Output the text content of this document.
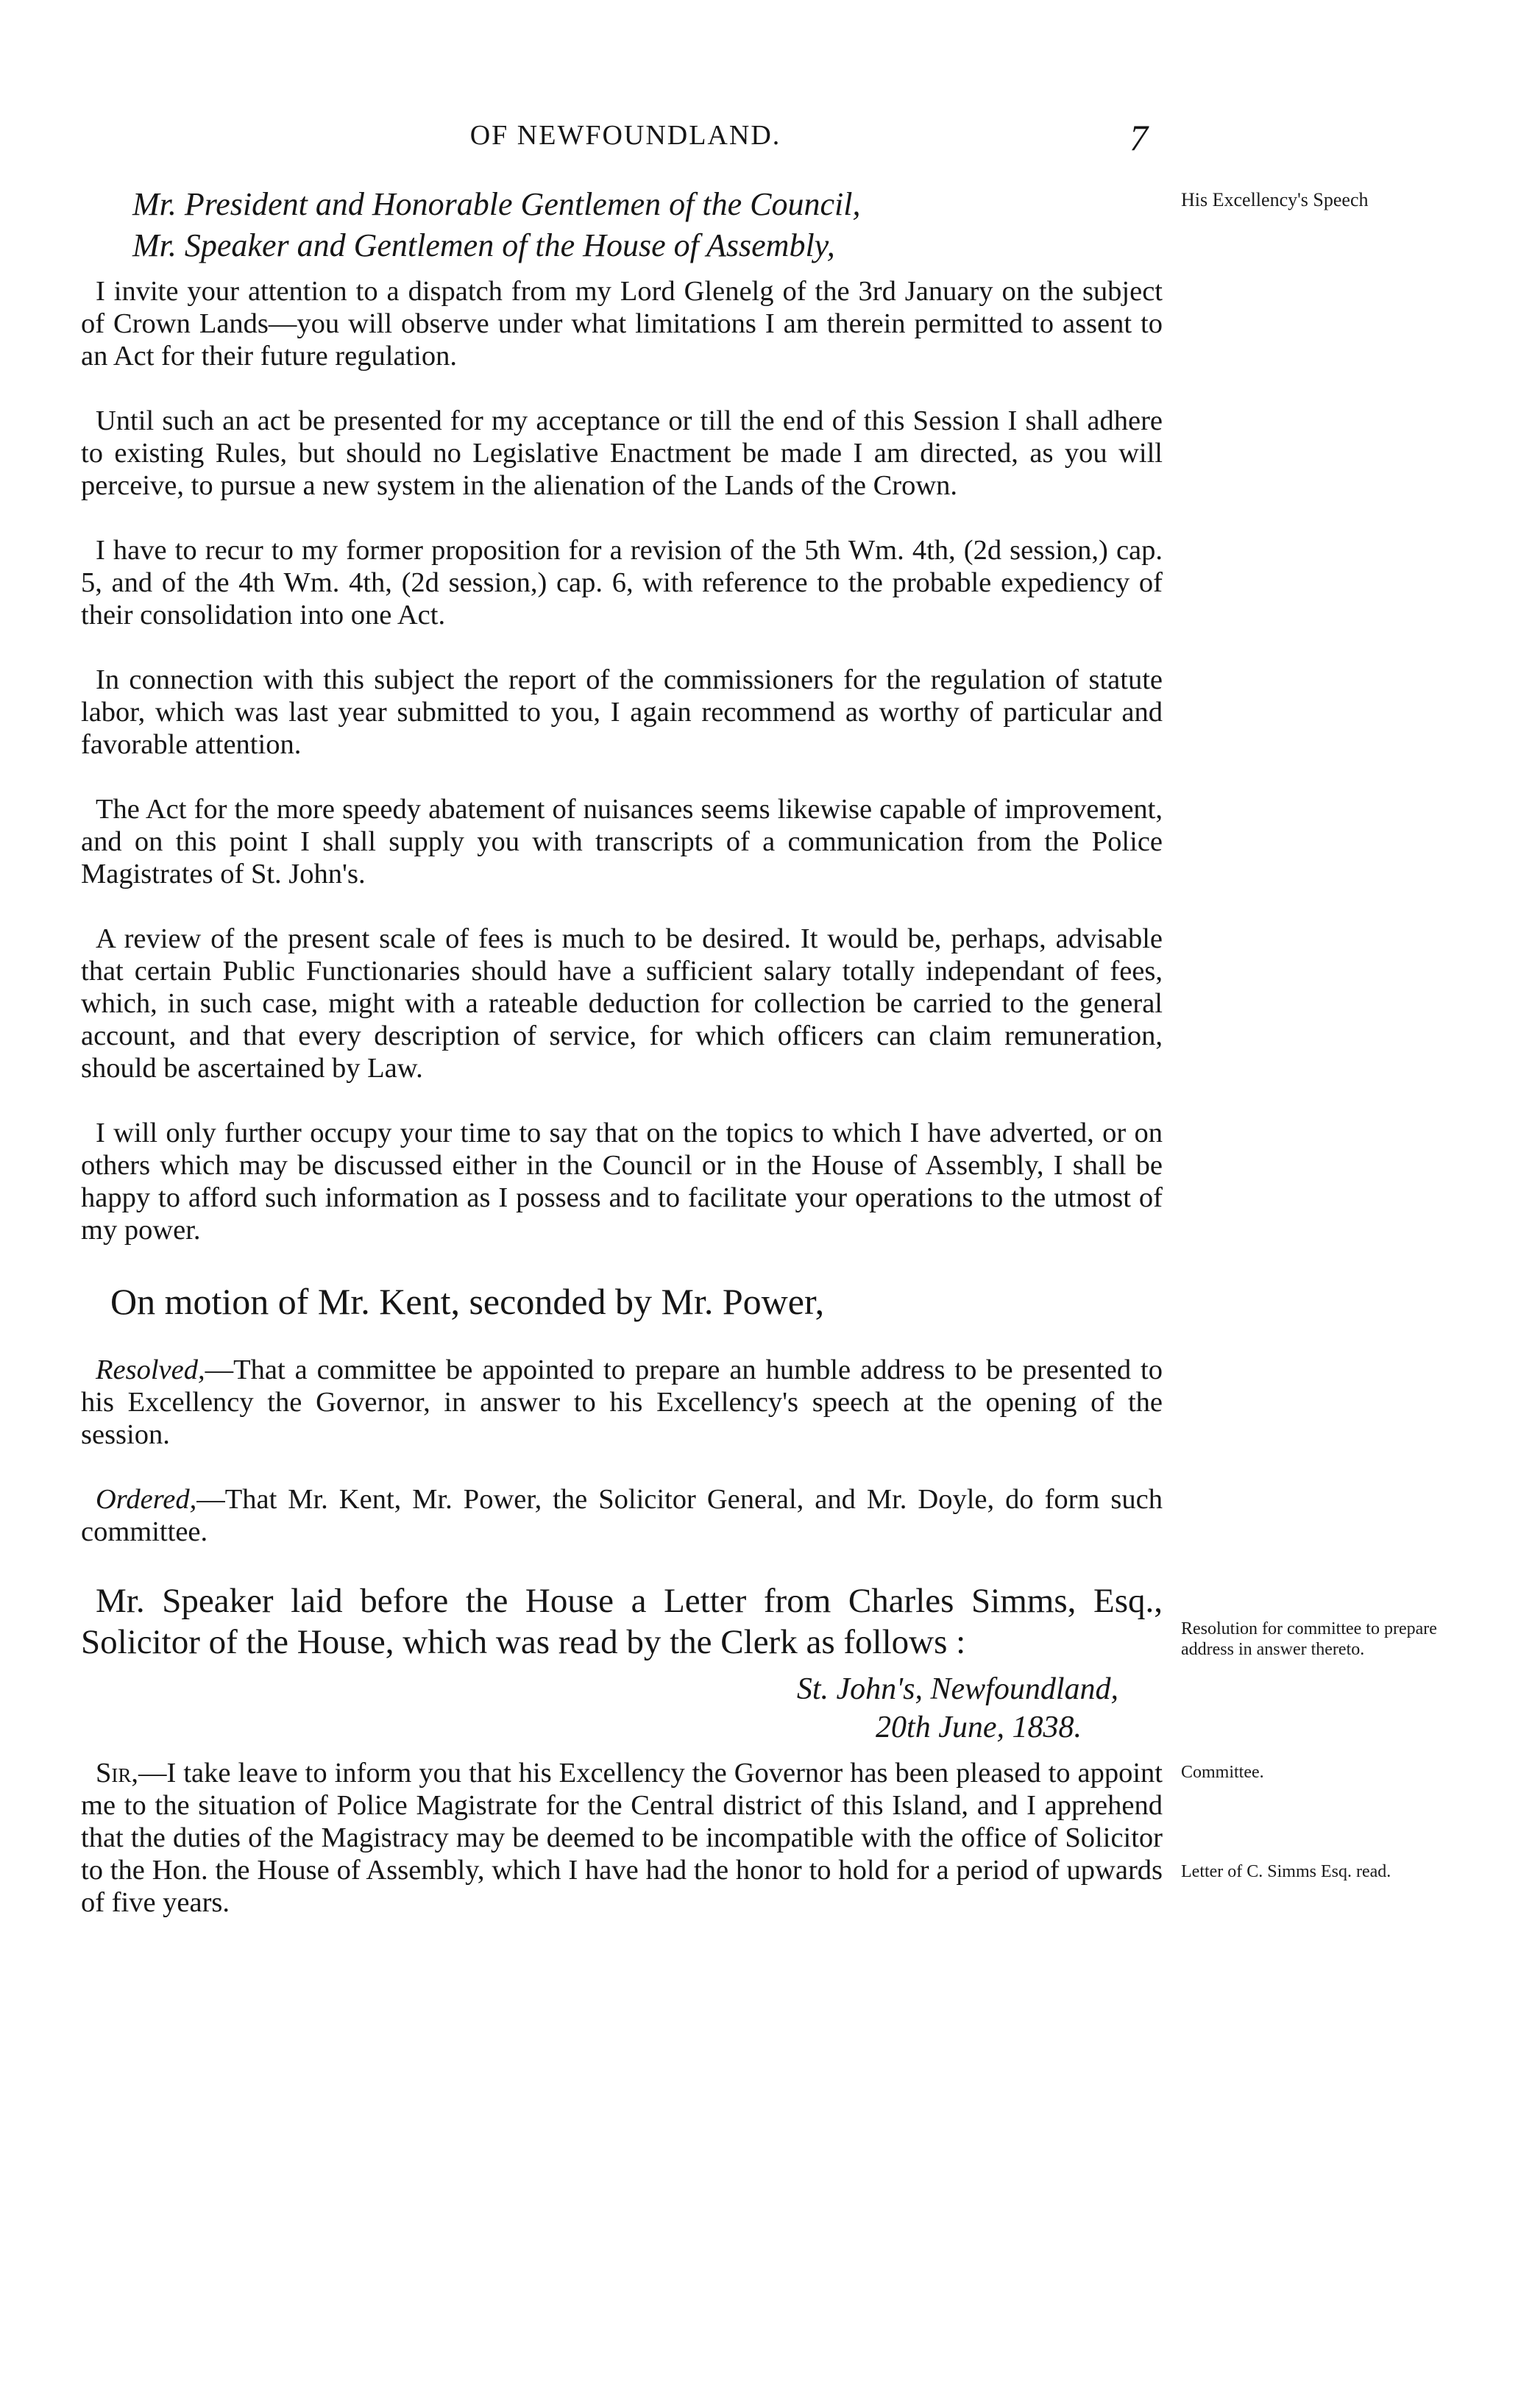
OF NEWFOUNDLAND.	7

Mr. President and Honorable Gentlemen of the Council,

Mr. Speaker and Gentlemen of the House of Assembly,

I invite your attention to a dispatch from my Lord Glenelg of the 3rd January on the subject of Crown Lands—you will observe under what limitations I am therein permitted to assent to an Act for their future regulation.

Until such an act be presented for my acceptance or till the end of this Session I shall adhere to existing Rules, but should no Legislative Enactment be made I am directed, as you will perceive, to pursue a new system in the alienation of the Lands of the Crown.

I have to recur to my former proposition for a revision of the 5th Wm. 4th, (2d session,) cap. 5, and of the 4th Wm. 4th, (2d session,) cap. 6, with reference to the probable expediency of their consolidation into one Act.

In connection with this subject the report of the commissioners for the regulation of statute labor, which was last year submitted to you, I again recommend as worthy of particular and favorable attention.

The Act for the more speedy abatement of nuisances seems likewise capable of improvement, and on this point I shall supply you with transcripts of a communication from the Police Magistrates of St. John's.

A review of the present scale of fees is much to be desired. It would be, perhaps, advisable that certain Public Functionaries should have a sufficient salary totally independant of fees, which, in such case, might with a rateable deduction for collection be carried to the general account, and that every description of service, for which officers can claim remuneration, should be ascertained by Law.

I will only further occupy your time to say that on the topics to which I have adverted, or on others which may be discussed either in the Council or in the House of Assembly, I shall be happy to afford such information as I possess and to facilitate your operations to the utmost of my power.

On motion of Mr. Kent, seconded by Mr. Power,

Resolved,—That a committee be appointed to prepare an humble address to be presented to his Excellency the Governor, in answer to his Excellency's speech at the opening of the session.

Ordered,—That Mr. Kent, Mr. Power, the Solicitor General, and Mr. Doyle, do form such committee.

Mr. Speaker laid before the House a Letter from Charles Simms, Esq., Solicitor of the House, which was read by the Clerk as follows :

St. John's, Newfoundland,
20th June, 1838.

Sir,—I take leave to inform you that his Excellency the Governor has been pleased to appoint me to the situation of Police Magistrate for the Central district of this Island, and I apprehend that the duties of the Magistracy may be deemed to be incompatible with the office of Solicitor to the Hon. the House of Assembly, which I have had the honor to hold for a period of upwards of five years.

His Excellency's Speech
Resolution for committee to prepare address in answer thereto.
Committee.
Letter of C. Simms Esq. read.
